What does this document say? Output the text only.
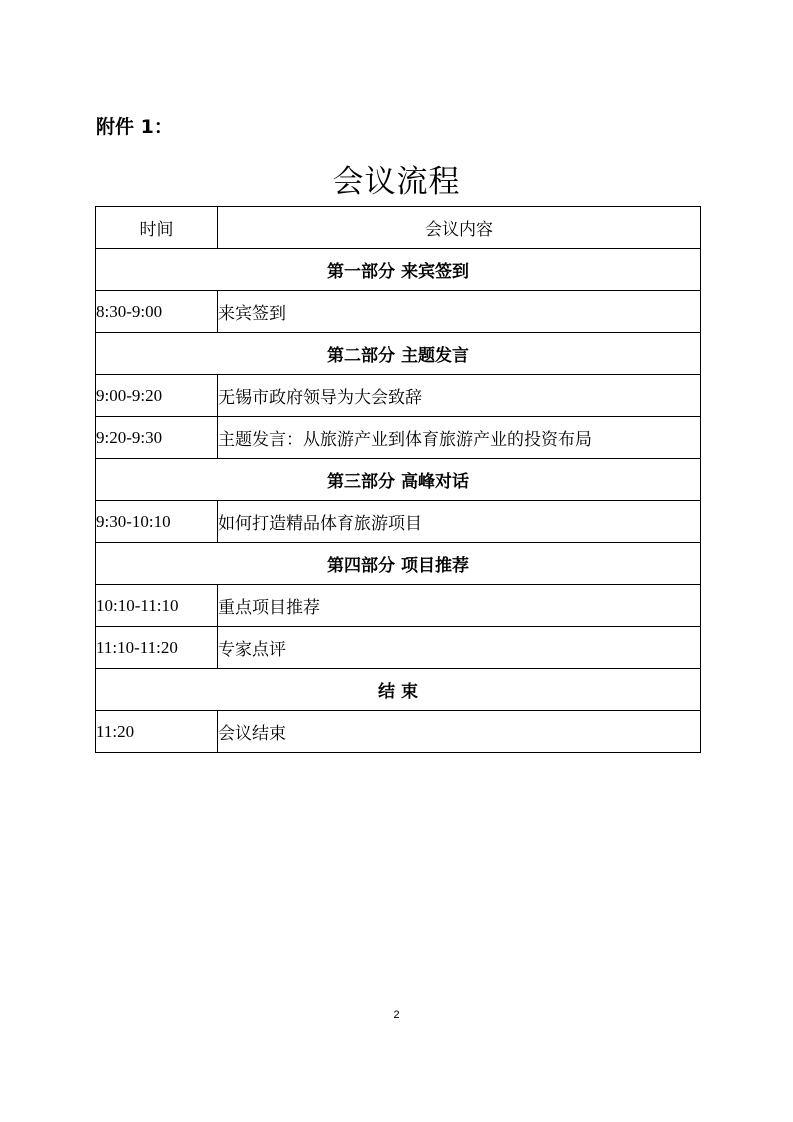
附件 1：
会议流程
时间	会议内容
第一部分 来宾签到	
8:30-9:00	来宾签到
第二部分 主题发言	
9:00-9:20	无锡市政府领导为大会致辞
9:20-9:30	主题发言：从旅游产业到体育旅游产业的投资布局
第三部分 高峰对话	
9:30-10:10	如何打造精品体育旅游项目
第四部分 项目推荐	
10:10-11:10	重点项目推荐
11:10-11:20	专家点评
结 束	
11:20	会议结束
2
